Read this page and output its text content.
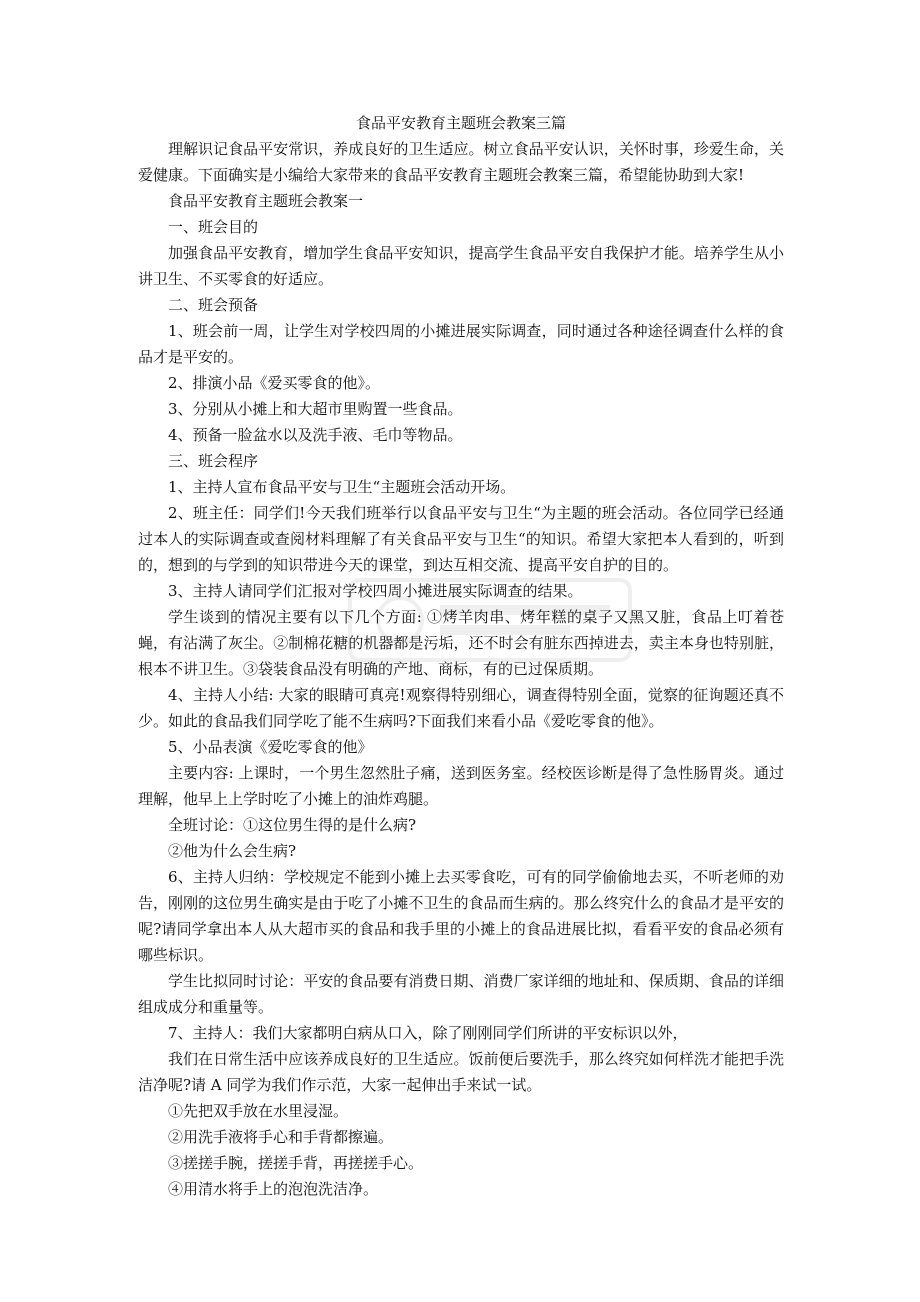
食品平安教育主题班会教案三篇
理解识记食品平安常识，养成良好的卫生适应。树立食品平安认识，关怀时事，珍爱生命，关爱健康。下面确实是小编给大家带来的食品平安教育主题班会教案三篇，希望能协助到大家!
食品平安教育主题班会教案一
一、班会目的
加强食品平安教育，增加学生食品平安知识，提高学生食品平安自我保护才能。培养学生从小讲卫生、不买零食的好适应。
二、班会预备
1、班会前一周，让学生对学校四周的小摊进展实际调查，同时通过各种途径调查什么样的食品才是平安的。
2、排演小品《爱买零食的他》。
3、分别从小摊上和大超市里购置一些食品。
4、预备一脸盆水以及洗手液、毛巾等物品。
三、班会程序
1、主持人宣布食品平安与卫生“主题班会活动开场。
2、班主任：同学们!今天我们班举行以食品平安与卫生“为主题的班会活动。各位同学已经通过本人的实际调查或查阅材料理解了有关食品平安与卫生“的知识。希望大家把本人看到的，听到的，想到的与学到的知识带进今天的课堂，到达互相交流、提高平安自护的目的。
3、主持人请同学们汇报对学校四周小摊进展实际调查的结果。
学生谈到的情况主要有以下几个方面: ①烤羊肉串、烤年糕的桌子又黑又脏，食品上叮着苍蝇，有沾满了灰尘。②制棉花糖的机器都是污垢，还不时会有脏东西掉进去，卖主本身也特别脏，根本不讲卫生。③袋装食品没有明确的产地、商标，有的已过保质期。
4、主持人小结: 大家的眼睛可真亮!观察得特别细心，调查得特别全面，觉察的征询题还真不少。如此的食品我们同学吃了能不生病吗?下面我们来看小品《爱吃零食的他》。
5、小品表演《爱吃零食的他》
主要内容: 上课时，一个男生忽然肚子痛，送到医务室。经校医诊断是得了急性肠胃炎。通过理解，他早上上学时吃了小摊上的油炸鸡腿。
全班讨论：①这位男生得的是什么病?
②他为什么会生病?
6、主持人归纳：学校规定不能到小摊上去买零食吃，可有的同学偷偷地去买，不听老师的劝告，刚刚的这位男生确实是由于吃了小摊不卫生的食品而生病的。那么终究什么的食品才是平安的呢?请同学拿出本人从大超市买的食品和我手里的小摊上的食品进展比拟，看看平安的食品必须有哪些标识。
学生比拟同时讨论：平安的食品要有消费日期、消费厂家详细的地址和、保质期、食品的详细组成成分和重量等。
7、主持人：我们大家都明白病从口入，除了刚刚同学们所讲的平安标识以外，
我们在日常生活中应该养成良好的卫生适应。饭前便后要洗手，那么终究如何样洗才能把手洗洁净呢?请 A 同学为我们作示范，大家一起伸出手来试一试。
①先把双手放在水里浸湿。
②用洗手液将手心和手背都擦遍。
③搓搓手腕，搓搓手背，再搓搓手心。
④用清水将手上的泡泡洗洁净。
